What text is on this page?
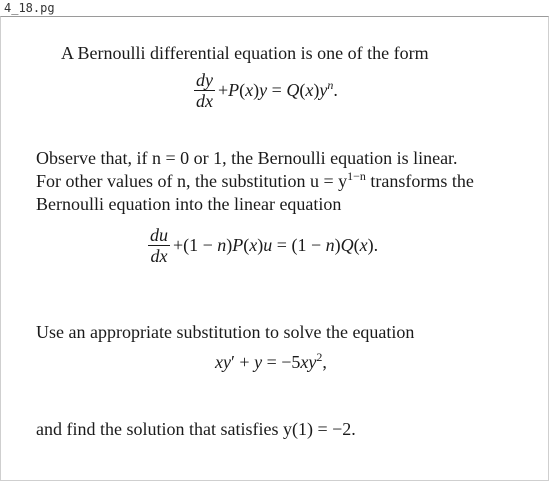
4_18.pg
A Bernoulli differential equation is one of the form
$\frac{dy}{dx} +P(x)y = Q(x)y^n$.
Observe that, if n = 0 or 1, the Bernoulli equation is linear.
For other values of n, the substitution $u = y^{1-n}$ transforms the
Bernoulli equation into the linear equation
$\frac{du}{dx} +(1 - n)P(x)u = (1 - n)Q(x)$.
Use an appropriate substitution to solve the equation
$xy' + y = -5xy^2$,
and find the solution that satisfies y(1) = −2.
